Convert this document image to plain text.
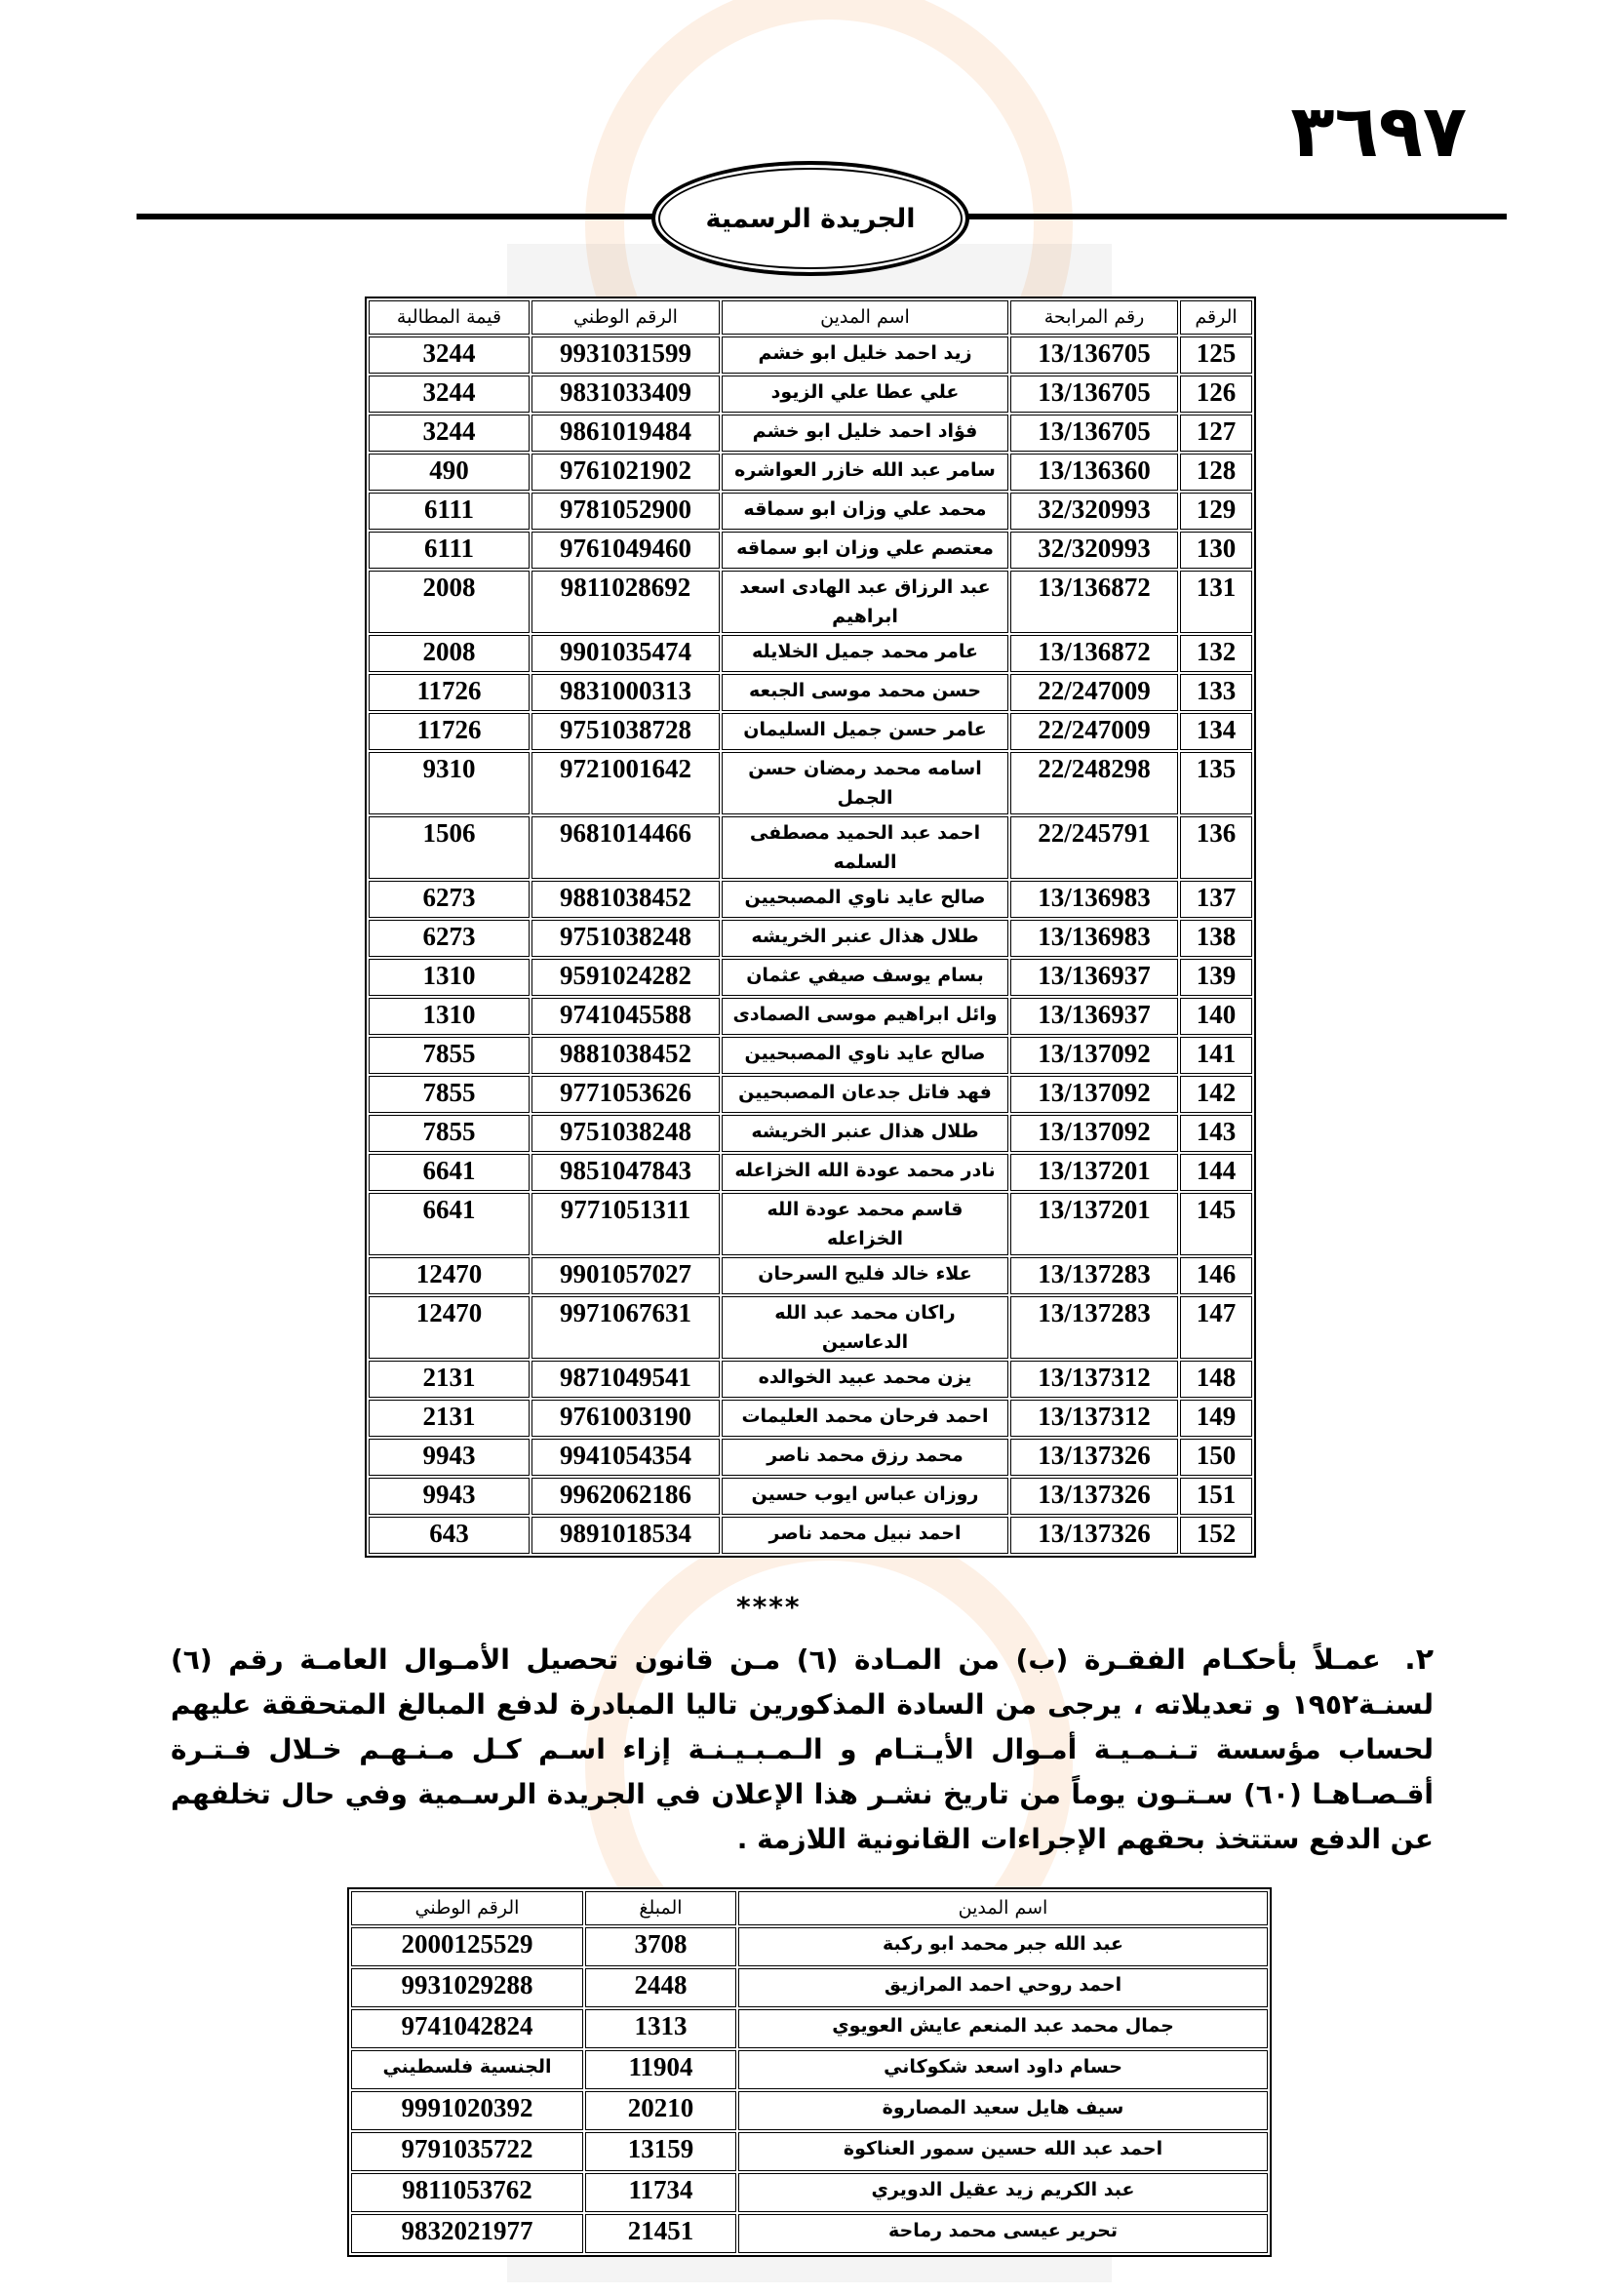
٣٦٩٧
الجريدة الرسمية
الرقم	رقم المرابحة	اسم المدين	الرقم الوطني	قيمة المطالبة
125	13/136705	زيد احمد خليل ابو خشم	9931031599	3244
126	13/136705	علي عطا علي الزيود	9831033409	3244
127	13/136705	فؤاد احمد خليل ابو خشم	9861019484	3244
128	13/136360	سامر عبد الله خازر العواشره	9761021902	490
129	32/320993	محمد علي وزان ابو سماقه	9781052900	6111
130	32/320993	معتصم علي وزان ابو سماقه	9761049460	6111
131	13/136872	عبد الرزاق عبد الهادى اسعد ابراهيم	9811028692	2008
132	13/136872	عامر محمد جميل الخلايله	9901035474	2008
133	22/247009	حسن محمد موسى الجبعه	9831000313	11726
134	22/247009	عامر حسن جميل السليمان	9751038728	11726
135	22/248298	اسامه محمد رمضان حسن الجمل	9721001642	9310
136	22/245791	احمد عبد الحميد مصطفى السلمه	9681014466	1506
137	13/136983	صالح عايد ناوي المصبحيين	9881038452	6273
138	13/136983	طلال هذال عنبر الخريشه	9751038248	6273
139	13/136937	بسام يوسف صيفي عثمان	9591024282	1310
140	13/136937	وائل ابراهيم موسى الصمادى	9741045588	1310
141	13/137092	صالح عايد ناوي المصبحيين	9881038452	7855
142	13/137092	فهد فاتل جدعان المصبحيين	9771053626	7855
143	13/137092	طلال هذال عنبر الخريشه	9751038248	7855
144	13/137201	نادر محمد عودة الله الخزاعله	9851047843	6641
145	13/137201	قاسم محمد عودة الله الخزاعله	9771051311	6641
146	13/137283	علاء خالد فليح السرحان	9901057027	12470
147	13/137283	راكان محمد عبد الله الدعاسين	9971067631	12470
148	13/137312	يزن محمد عبيد الخوالده	9871049541	2131
149	13/137312	احمد فرحان محمد العليمات	9761003190	2131
150	13/137326	محمد رزق محمد ناصر	9941054354	9943
151	13/137326	روزان عباس ايوب حسين	9962062186	9943
152	13/137326	احمد نبيل محمد ناصر	9891018534	643
****
٢. عمـلاً بأحكـام الفقـرة (ب) من المـادة (٦) مـن قانون تحصيل الأمـوال العامـة رقم (٦) لسنـة١٩٥٢ و تعديلاته ، يرجى من السادة المذكورين تاليا المبادرة لدفع المبالغ المتحققة عليهم لحساب مؤسسة تـنـمـيـة أمـوال الأيـتـام و الـمـبـيـنـة إزاء اسـم كـل مـنـهـم خـلال فـتـرة أقـصـاهـا (٦٠) سـتـون يوماً من تاريخ نشـر هذا الإعلان في الجريدة الرسـمية وفي حال تخلفهم عن الدفع ستتخذ بحقهم الإجراءات القانونية اللازمة .
اسم المدين	المبلغ	الرقم الوطني

عبد الله جبر محمد ابو ركبة	3708	2000125529

احمد روحي احمد المرازيق	2448	9931029288

جمال محمد عبد المنعم عايش العويوي	1313	9741042824

حسام داود اسعد شكوكاني	11904	الجنسية فلسطيني

سيف هايل سعيد المصاروة	20210	9991020392

احمد عبد الله حسين سمور العناكوة	13159	9791035722

عبد الكريم زيد عقيل الدويري	11734	9811053762

تحرير عيسى محمد رماحة	21451	9832021977
